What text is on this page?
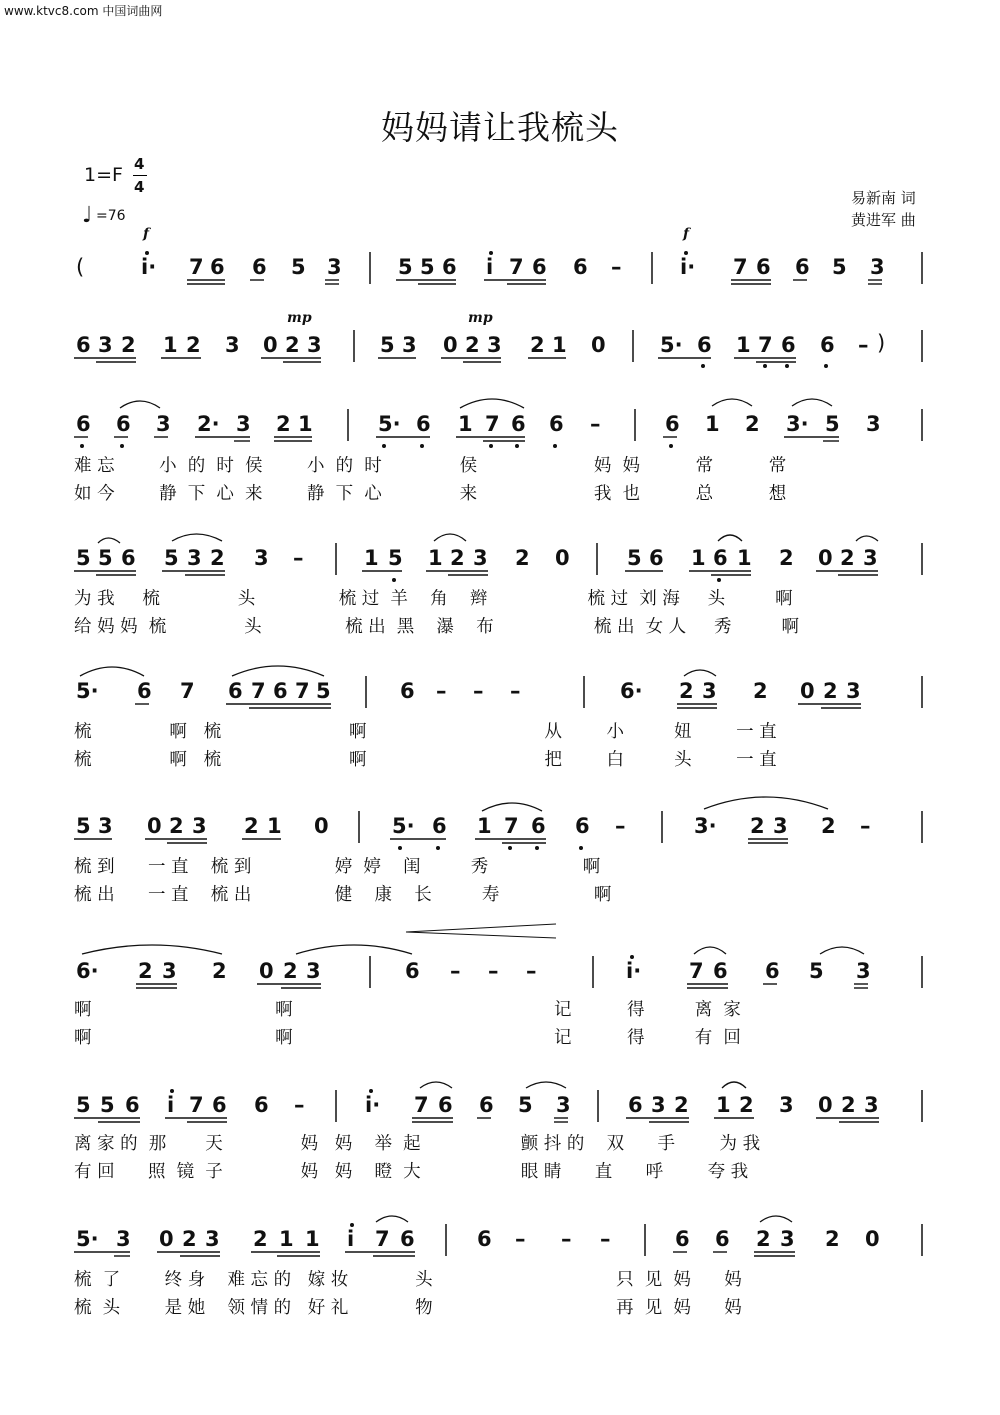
www.ktvc8.com 中国词曲网
妈妈请让我梳头
1=F 4
4
♩ =76
易新南 词
黄进军 曲
f	f
(	i· 7 6 6 5 3	5 5 6 i 7 6 6 –	i· 7 6 6 5 3
mp	mp
6 3 2 1 2 3 0 2 3	5 3 0 2 3 2 1 0	5· 6 1 7 6 6 – )
6 6 3 2· 3 2 1	5· 6 1 7 6 6 –	6 1 2 3· 5 3
难 忘        小  的  时  侯        小  的  时              侯                     妈  妈          常          常
如 今        静  下  心  来        静  下  心              来                     我  也          总          想
5 5 6 5 3 2 3 –	1 5 1 2 3 2 0	5 6 1 6 1 2 0 2 3
为 我     梳              头               梳 过  羊    角    辫                  梳 过  刘 海     头         啊
给 妈 妈  梳              头               梳 出  黑    瀑    布                  梳 出  女 人     秀         啊
5· 6 7 6 7 6 7 5	6 – – –	6· 2 3 2 0 2 3
梳              啊   梳                       啊                                从        小         妞        一 直
梳              啊   梳                       啊                                把        白         头        一 直
5 3 0 2 3 2 1 0	5· 6 1 7 6 6 –	3· 2 3 2 –
梳 到      一 直    梳 到               婷  婷    闺         秀                 啊
梳 出      一 直    梳 出               健    康    长         寿                 啊
6· 2 3 2 0 2 3	6 – – –	i· 7 6 6 5 3
啊                                 啊                                               记          得         离  家
啊                                 啊                                               记          得         有  回
5 5 6 i 7 6 6 –	i· 7 6 6 5 3	6 3 2 1 2 3 0 2 3
离 家 的  那       天              妈   妈    举  起                  颤 抖 的    双      手        为 我
有 回      照  镜  子              妈   妈    瞪  大                  眼 睛      直      呼        夸 我
5· 3 0 2 3 2 1 1 i 7 6	6 – – –	6 6 2 3 2 0
梳  了        终 身    难 忘 的   嫁 妆            头                                 只  见  妈      妈
梳  头        是 她    领 情 的   好 礼            物                                 再  见  妈      妈
